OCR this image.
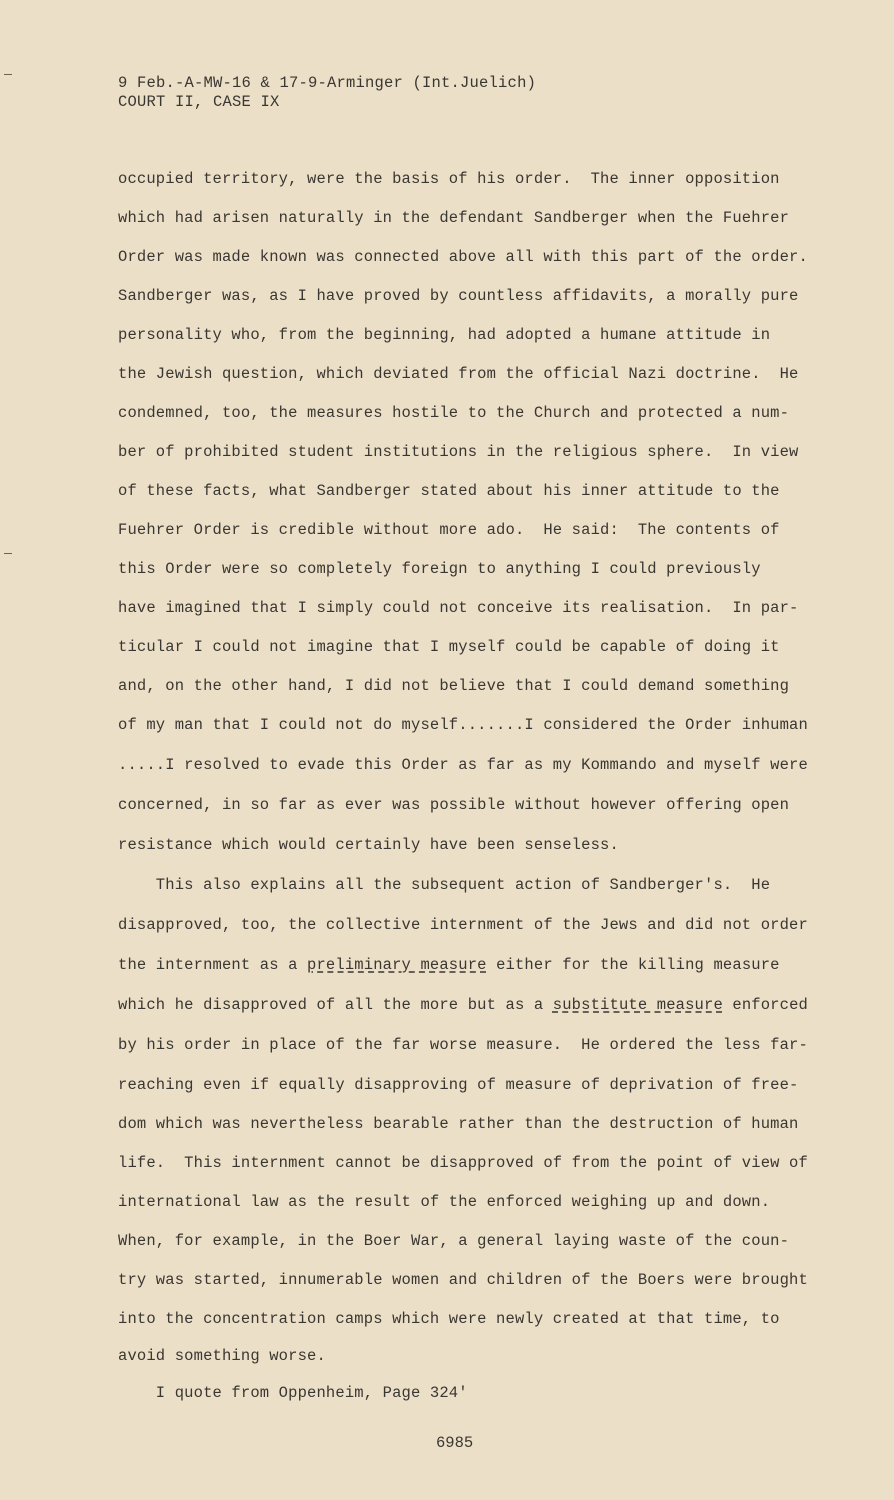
9 Feb.-A-MW-16 & 17-9-Arminger (Int.Juelich)
COURT II, CASE IX
occupied territory, were the basis of his order.  The inner opposition
which had arisen naturally in the defendant Sandberger when the Fuehrer
Order was made known was connected above all with this part of the order.
Sandberger was, as I have proved by countless affidavits, a morally pure
personality who, from the beginning, had adopted a humane attitude in
the Jewish question, which deviated from the official Nazi doctrine.  He
condemned, too, the measures hostile to the Church and protected a num-
ber of prohibited student institutions in the religious sphere.  In view
of these facts, what Sandberger stated about his inner attitude to the
Fuehrer Order is credible without more ado.  He said:  The contents of
this Order were so completely foreign to anything I could previously
have imagined that I simply could not conceive its realisation.  In par-
ticular I could not imagine that I myself could be capable of doing it
and, on the other hand, I did not believe that I could demand something
of my man that I could not do myself.......I considered the Order inhuman
.....I resolved to evade this Order as far as my Kommando and myself were
concerned, in so far as ever was possible without however offering open
resistance which would certainly have been senseless.
This also explains all the subsequent action of Sandberger's.  He
disapproved, too, the collective internment of the Jews and did not order
the internment as a preliminary measure either for the killing measure
which he disapproved of all the more but as a substitute measure enforced
by his order in place of the far worse measure.  He ordered the less far-
reaching even if equally disapproving of measure of deprivation of free-
dom which was nevertheless bearable rather than the destruction of human
life.  This internment cannot be disapproved of from the point of view of
international law as the result of the enforced weighing up and down.
When, for example, in the Boer War, a general laying waste of the coun-
try was started, innumerable women and children of the Boers were brought
into the concentration camps which were newly created at that time, to
avoid something worse.
I quote from Oppenheim, Page 324'
6985
